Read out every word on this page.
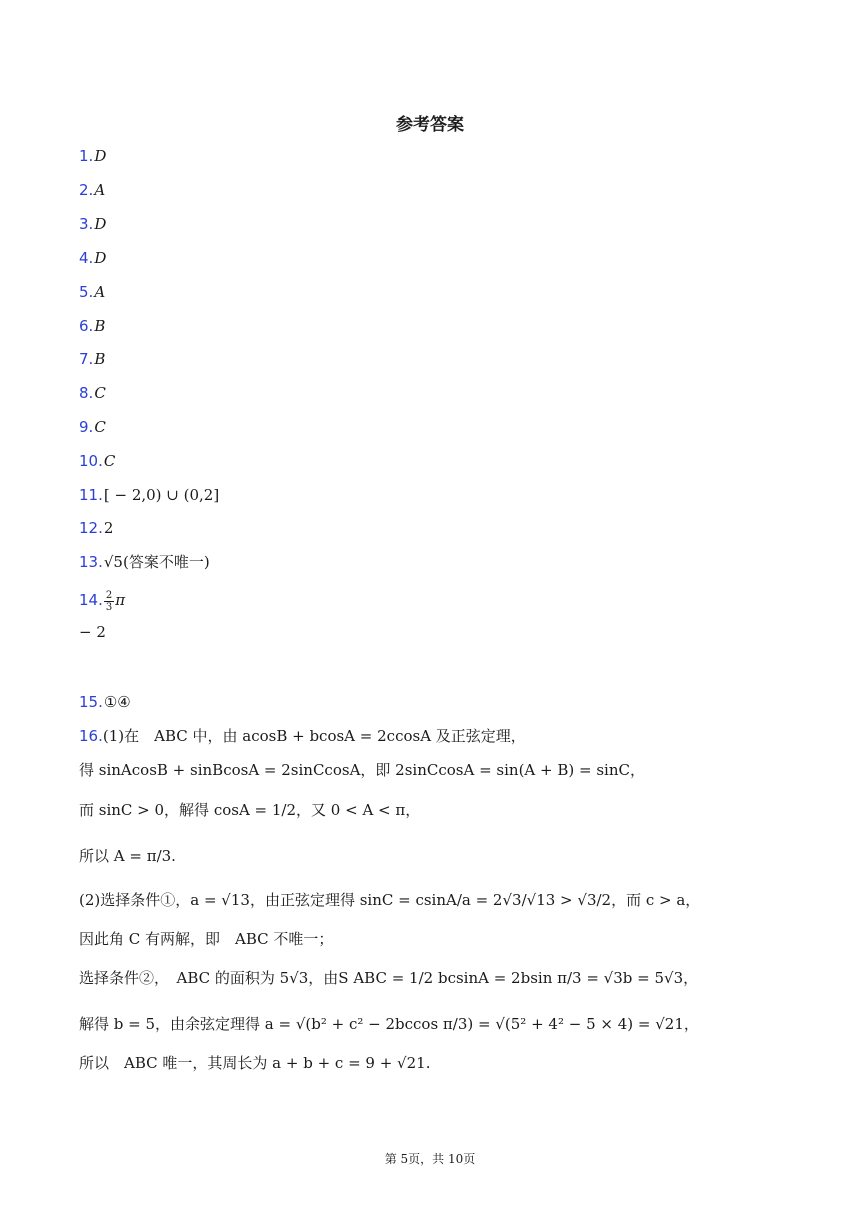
参考答案
1.D
2.A
3.D
4.D
5.A
6.B
7.B
8.C
9.C
10.C
11.[ − 2,0) ∪ (0,2]
12.2
13.√5(答案不唯一)
14. $\frac{2}{3}$ π
− 2
15.①④
16.(1)在　ABC 中，由 acosB + bcosA = 2ccosA 及正弦定理，
得 sinAcosB + sinBcosA = 2sinCcosA，即 2sinCcosA = sin(A + B) = sinC，
而 sinC > 0，解得 cosA = 1/2，又 0 < A < π，
所以 A = π/3.
(2)选择条件①，a = √13，由正弦定理得 sinC = csinA/a = 2√3/√13 > √3/2，而 c > a，
因此角 C 有两解，即　ABC 不唯一；
选择条件②，　ABC 的面积为 5√3，由S ABC = 1/2 bcsinA = 2bsin π/3 = √3b = 5√3，
解得 b = 5，由余弦定理得 a = √(b² + c² − 2bccos π/3) = √(5² + 4² − 5 × 4) = √21，
所以　ABC 唯一，其周长为 a + b + c = 9 + √21.
第 5页，共 10页
